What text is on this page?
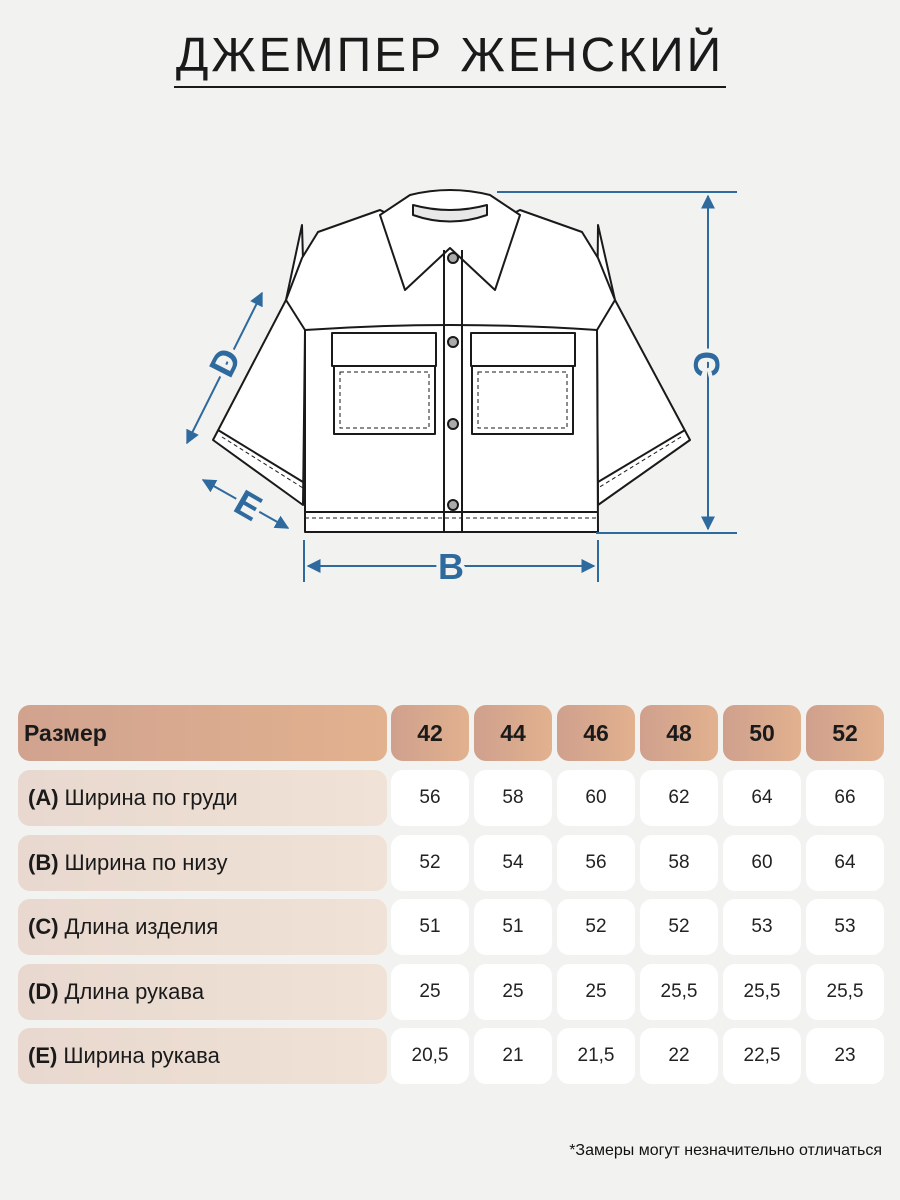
ДЖЕМПЕР ЖЕНСКИЙ
B
C
D
E
Размер	42	44	46	48	50	52
(A) Ширина по груди	56	58	60	62	64	66
(B) Ширина по низу	52	54	56	58	60	64
(C) Длина изделия	51	51	52	52	53	53
(D) Длина рукава	25	25	25	25,5	25,5	25,5
(E) Ширина рукава	20,5	21	21,5	22	22,5	23
*Замеры могут незначительно отличаться
